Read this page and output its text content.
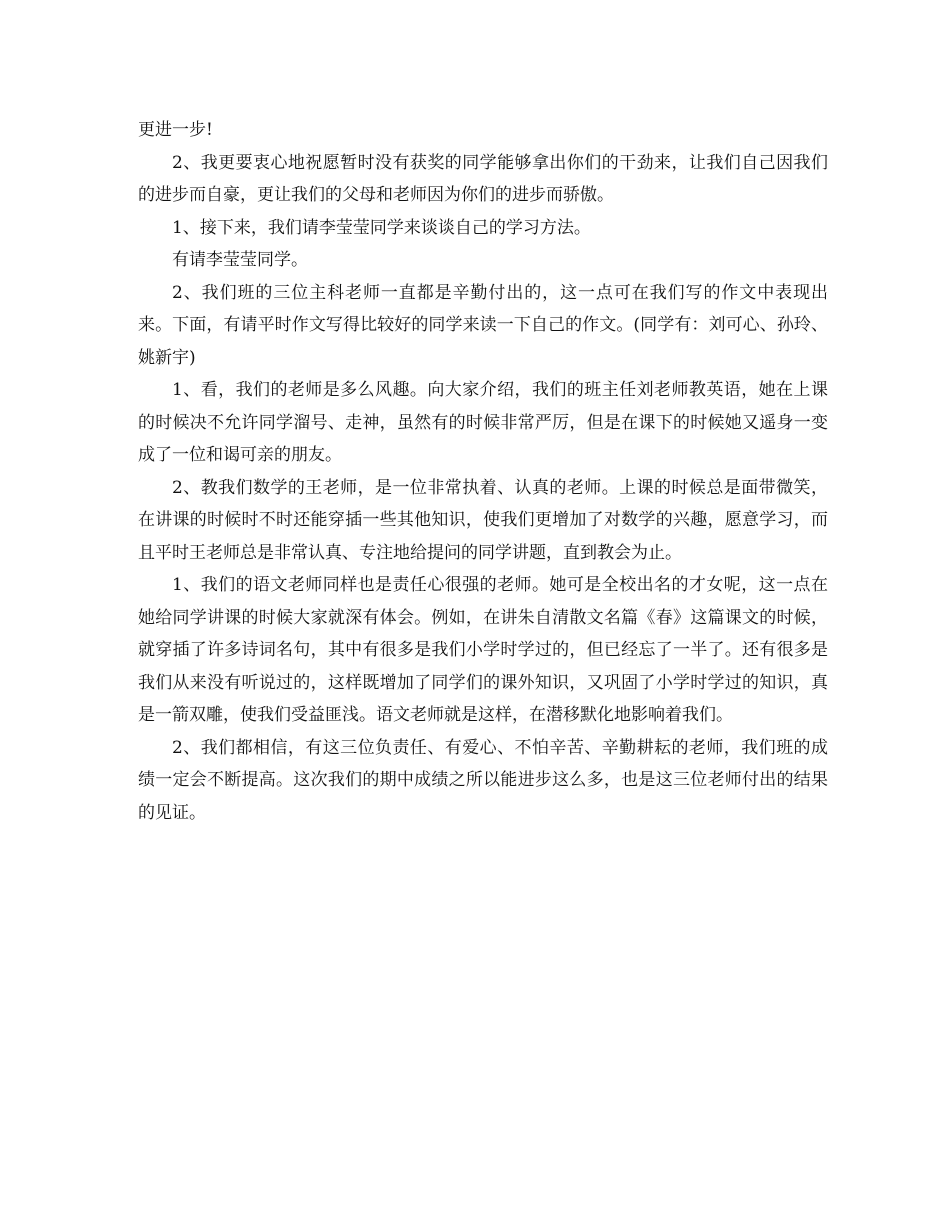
更进一步!

2、我更要衷心地祝愿暂时没有获奖的同学能够拿出你们的干劲来，让我们自己因我们的进步而自豪，更让我们的父母和老师因为你们的进步而骄傲。

1、接下来，我们请李莹莹同学来谈谈自己的学习方法。

有请李莹莹同学。

2、我们班的三位主科老师一直都是辛勤付出的，这一点可在我们写的作文中表现出来。下面，有请平时作文写得比较好的同学来读一下自己的作文。(同学有：刘可心、孙玲、姚新宇)

1、看，我们的老师是多么风趣。向大家介绍，我们的班主任刘老师教英语，她在上课的时候决不允许同学溜号、走神，虽然有的时候非常严厉，但是在课下的时候她又遥身一变成了一位和谒可亲的朋友。

2、教我们数学的王老师，是一位非常执着、认真的老师。上课的时候总是面带微笑，在讲课的时候时不时还能穿插一些其他知识，使我们更增加了对数学的兴趣，愿意学习，而且平时王老师总是非常认真、专注地给提问的同学讲题，直到教会为止。

1、我们的语文老师同样也是责任心很强的老师。她可是全校出名的才女呢，这一点在她给同学讲课的时候大家就深有体会。例如，在讲朱自清散文名篇《春》这篇课文的时候，就穿插了许多诗词名句，其中有很多是我们小学时学过的，但已经忘了一半了。还有很多是我们从来没有听说过的，这样既增加了同学们的课外知识，又巩固了小学时学过的知识，真是一箭双雕，使我们受益匪浅。语文老师就是这样，在潜移默化地影响着我们。

2、我们都相信，有这三位负责任、有爱心、不怕辛苦、辛勤耕耘的老师，我们班的成绩一定会不断提高。这次我们的期中成绩之所以能进步这么多，也是这三位老师付出的结果的见证。
